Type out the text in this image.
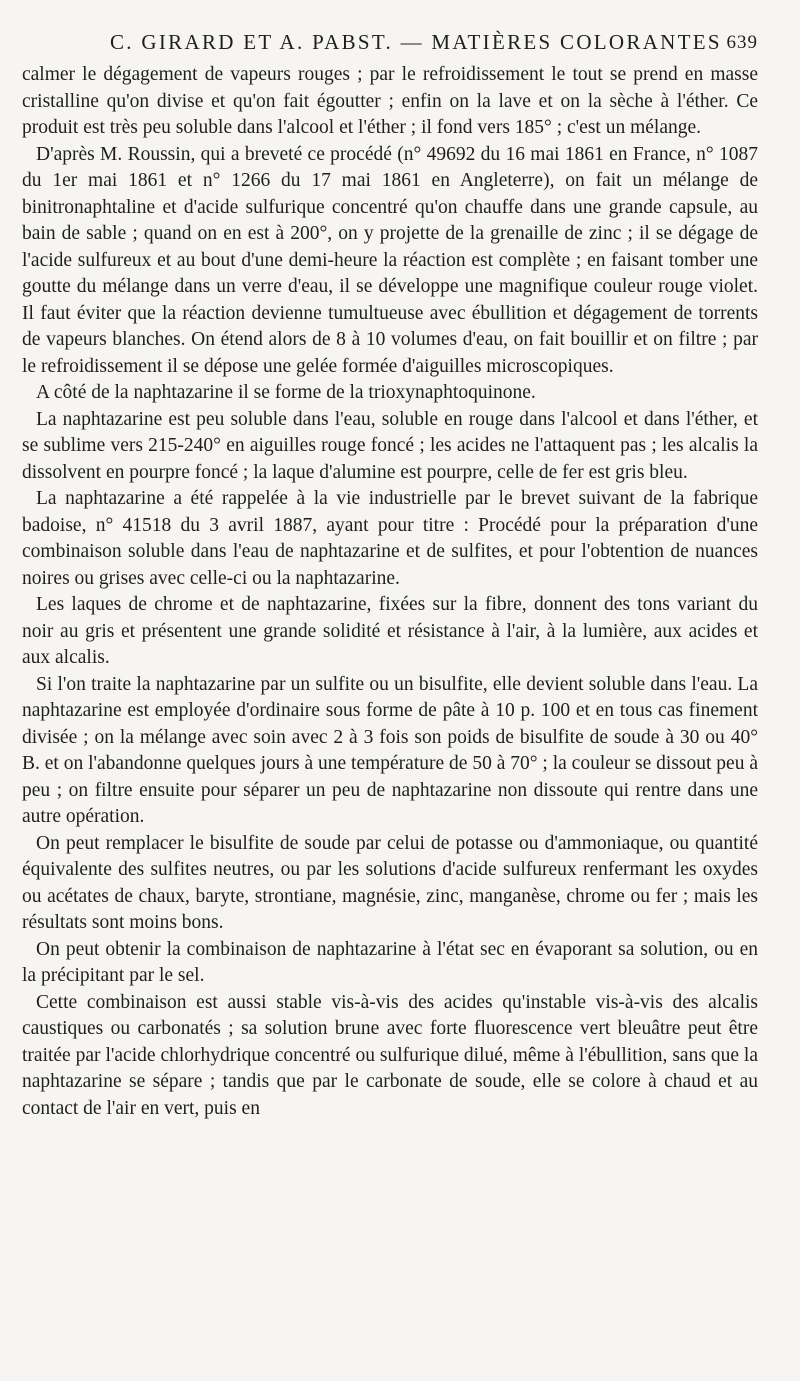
C. GIRARD ET A. PABST. — MATIÈRES COLORANTES 639

calmer le dégagement de vapeurs rouges ; par le refroidissement le tout se prend en masse cristalline qu'on divise et qu'on fait égoutter ; enfin on la lave et on la sèche à l'éther. Ce produit est très peu soluble dans l'alcool et l'éther ; il fond vers 185° ; c'est un mélange.

D'après M. Roussin, qui a breveté ce procédé (n° 49692 du 16 mai 1861 en France, n° 1087 du 1er mai 1861 et n° 1266 du 17 mai 1861 en Angleterre), on fait un mélange de binitronaphtaline et d'acide sulfurique concentré qu'on chauffe dans une grande capsule, au bain de sable ; quand on en est à 200°, on y projette de la grenaille de zinc ; il se dégage de l'acide sulfureux et au bout d'une demi-heure la réaction est complète ; en faisant tomber une goutte du mélange dans un verre d'eau, il se développe une magnifique couleur rouge violet. Il faut éviter que la réaction devienne tumultueuse avec ébullition et dégagement de torrents de vapeurs blanches. On étend alors de 8 à 10 volumes d'eau, on fait bouillir et on filtre ; par le refroidissement il se dépose une gelée formée d'aiguilles microscopiques.

A côté de la naphtazarine il se forme de la trioxynaphtoquinone.

La naphtazarine est peu soluble dans l'eau, soluble en rouge dans l'alcool et dans l'éther, et se sublime vers 215-240° en aiguilles rouge foncé ; les acides ne l'attaquent pas ; les alcalis la dissolvent en pourpre foncé ; la laque d'alumine est pourpre, celle de fer est gris bleu.

La naphtazarine a été rappelée à la vie industrielle par le brevet suivant de la fabrique badoise, n° 41518 du 3 avril 1887, ayant pour titre : Procédé pour la préparation d'une combinaison soluble dans l'eau de naphtazarine et de sulfites, et pour l'obtention de nuances noires ou grises avec celle-ci ou la naphtazarine.

Les laques de chrome et de naphtazarine, fixées sur la fibre, donnent des tons variant du noir au gris et présentent une grande solidité et résistance à l'air, à la lumière, aux acides et aux alcalis.

Si l'on traite la naphtazarine par un sulfite ou un bisulfite, elle devient soluble dans l'eau. La naphtazarine est employée d'ordinaire sous forme de pâte à 10 p. 100 et en tous cas finement divisée ; on la mélange avec soin avec 2 à 3 fois son poids de bisulfite de soude à 30 ou 40° B. et on l'abandonne quelques jours à une température de 50 à 70° ; la couleur se dissout peu à peu ; on filtre ensuite pour séparer un peu de naphtazarine non dissoute qui rentre dans une autre opération.

On peut remplacer le bisulfite de soude par celui de potasse ou d'ammoniaque, ou quantité équivalente des sulfites neutres, ou par les solutions d'acide sulfureux renfermant les oxydes ou acétates de chaux, baryte, strontiane, magnésie, zinc, manganèse, chrome ou fer ; mais les résultats sont moins bons.

On peut obtenir la combinaison de naphtazarine à l'état sec en évaporant sa solution, ou en la précipitant par le sel.

Cette combinaison est aussi stable vis-à-vis des acides qu'instable vis-à-vis des alcalis caustiques ou carbonatés ; sa solution brune avec forte fluorescence vert bleuâtre peut être traitée par l'acide chlorhydrique concentré ou sulfurique dilué, même à l'ébullition, sans que la naphtazarine se sépare ; tandis que par le carbonate de soude, elle se colore à chaud et au contact de l'air en vert, puis en
